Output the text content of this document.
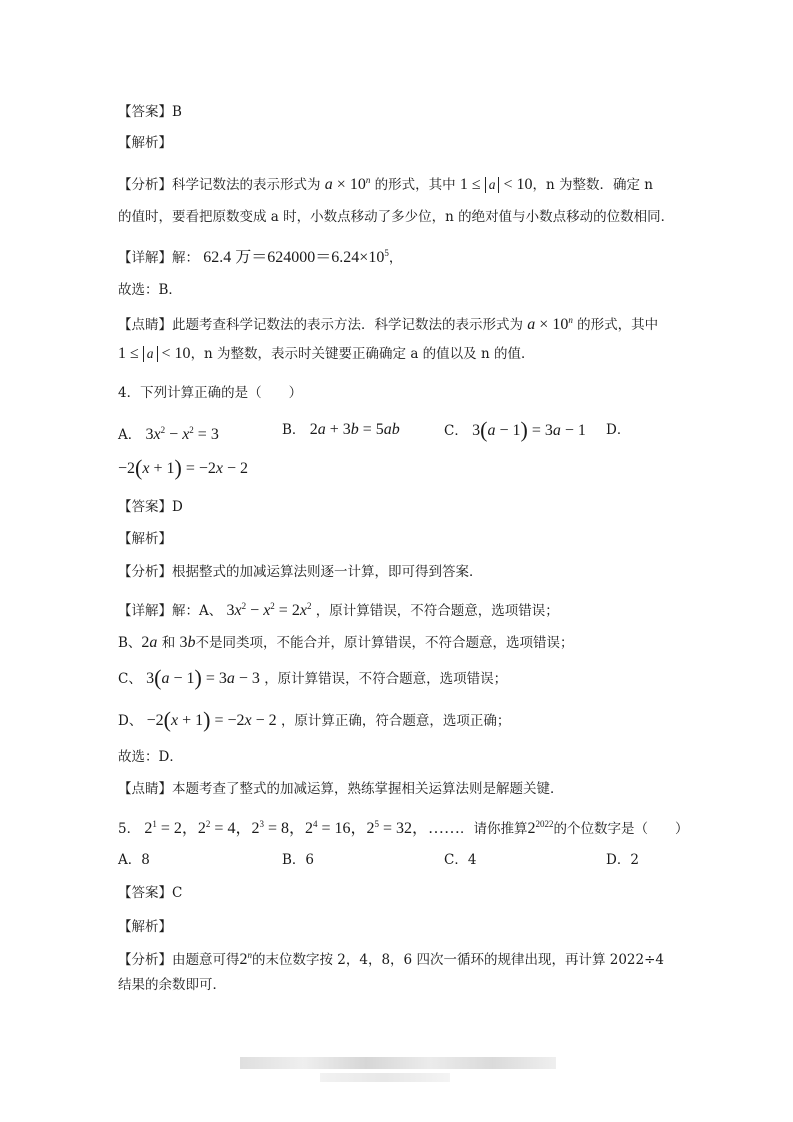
【答案】B
【解析】
【分析】科学记数法的表示形式为 $a \times 10^n$ 的形式，其中 1 ≤ a < 10，n 为整数．确定 n
的值时，要看把原数变成 a 时，小数点移动了多少位，n 的绝对值与小数点移动的位数相同．
【详解】解： 62.4 万$=624000=6.24\times 10^5$，
故选：B．
【点睛】此题考查科学记数法的表示方法．科学记数法的表示形式为 $a \times 10^n$ 的形式，其中
1 ≤ a < 10，n 为整数，表示时关键要正确确定 a 的值以及 n 的值．
4．下列计算正确的是（　　）
A． $3x^2 - x^2 = 3$	B． 2a + 3b = 5ab	C． 3(a − 1) = 3a − 1 D．
−2(x + 1) = −2x − 2
【答案】D
【解析】
【分析】根据整式的加减运算法则逐一计算，即可得到答案．
【详解】解：A、 $3x^2 - x^2 = 2x^2$ ，原计算错误，不符合题意，选项错误；
B、2a 和 3b不是同类项，不能合并，原计算错误，不符合题意，选项错误；
C、 3(a − 1) = 3a − 3 ，原计算错误，不符合题意，选项错误；
D、 −2(x + 1) = −2x − 2 ，原计算正确，符合题意，选项正确；
故选：D．
【点睛】本题考查了整式的加减运算，熟练掌握相关运算法则是解题关键．
5． $2^1 = 2$，$2^2 = 4$，$2^3 = 8$，$2^4 = 16$，$2^5 = 32$，……．请你推算$2^{2022}$的个位数字是（　　）
A．8	B．6	C．4	D．2
【答案】C
【解析】
【分析】由题意可得2$^n$的末位数字按 2，4，8，6 四次一循环的规律出现，再计算 2022÷4
结果的余数即可．
